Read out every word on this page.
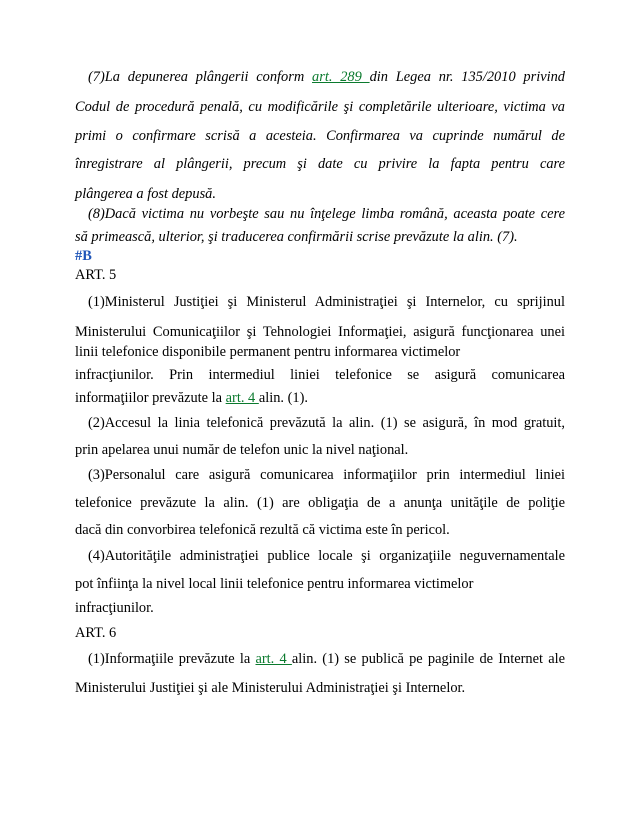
(7)La depunerea plângerii conform art. 289 din Legea nr. 135/2010 privind
Codul de procedură penală, cu modificările şi completările ulterioare, victima va
primi o confirmare scrisă a acesteia. Confirmarea va cuprinde numărul de
înregistrare al plângerii, precum şi date cu privire la fapta pentru care
plângerea a fost depusă.
(8)Dacă victima nu vorbeşte sau nu înţelege limba română, aceasta poate cere
să primească, ulterior, şi traducerea confirmării scrise prevăzute la alin. (7).
#B
ART. 5
(1)Ministerul Justiţiei şi Ministerul Administraţiei şi Internelor, cu sprijinul
Ministerului Comunicaţiilor şi Tehnologiei Informaţiei, asigură funcţionarea unei
linii telefonice disponibile permanent pentru informarea victimelor
infracţiunilor. Prin intermediul liniei telefonice se asigură comunicarea
informaţiilor prevăzute la art. 4 alin. (1).
(2)Accesul la linia telefonică prevăzută la alin. (1) se asigură, în mod gratuit,
prin apelarea unui număr de telefon unic la nivel naţional.
(3)Personalul care asigură comunicarea informaţiilor prin intermediul liniei
telefonice prevăzute la alin. (1) are obligaţia de a anunţa unităţile de poliţie
dacă din convorbirea telefonică rezultă că victima este în pericol.
(4)Autorităţile administraţiei publice locale şi organizaţiile neguvernamentale
pot înfiinţa la nivel local linii telefonice pentru informarea victimelor
infracţiunilor.
ART. 6
(1)Informaţiile prevăzute la art. 4 alin. (1) se publică pe paginile de Internet ale
Ministerului Justiţiei şi ale Ministerului Administraţiei şi Internelor.
